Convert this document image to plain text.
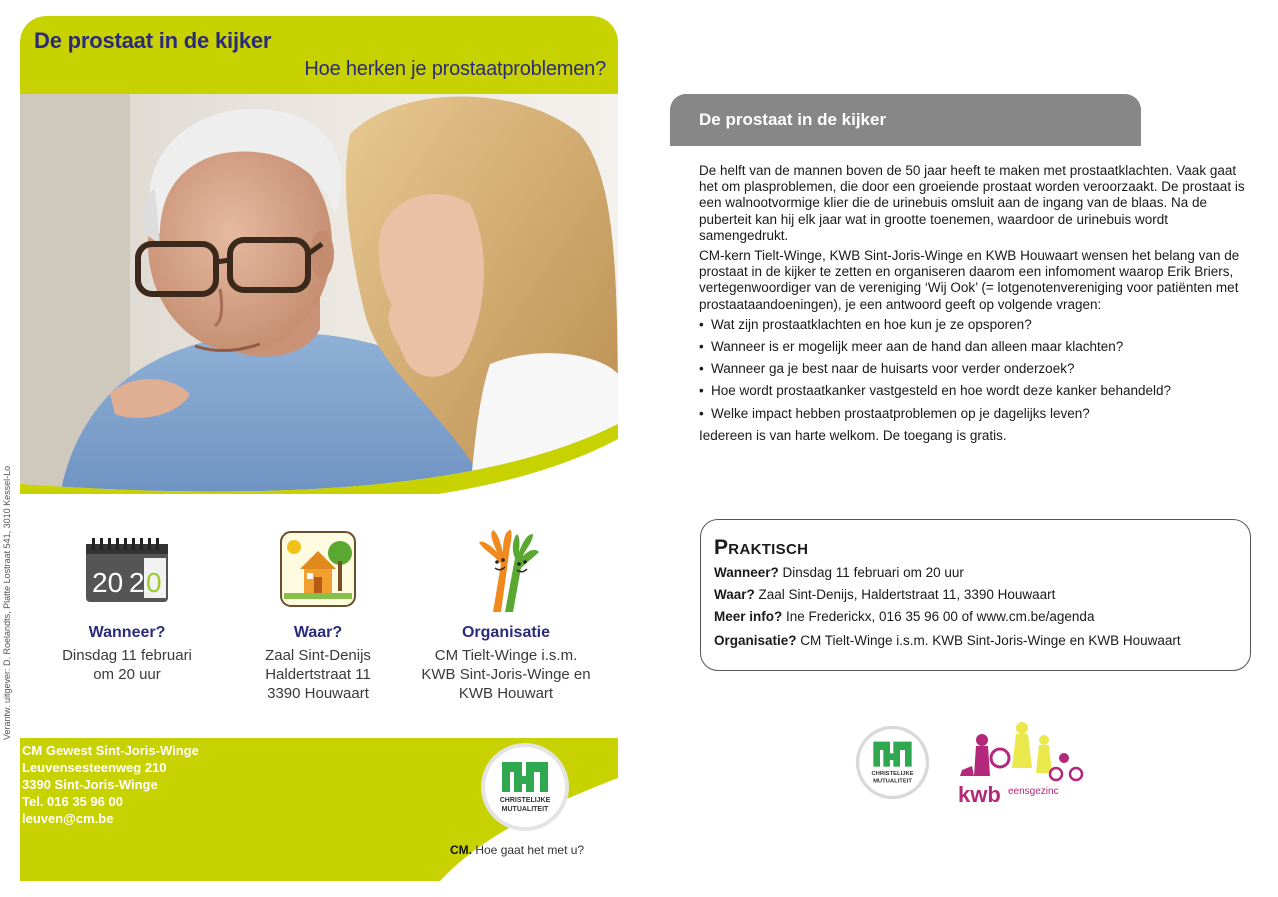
De prostaat in de kijker
Hoe herken je prostaatproblemen?
20 2 0
Wanneer?

Dinsdag 11 februari
om 20 uur

Waar?

Zaal Sint-Denijs
Haldertstraat 11
3390 Houwaart

Organisatie

CM Tielt-Winge i.s.m.
KWB Sint-Joris-Winge en
KWB Houwart

Verantw. uitgever: D. Roelandts, Platte Lostraat 541, 3010 Kessel-Lo
CM Gewest Sint-Joris-Winge
Leuvensesteenweg 210
3390 Sint-Joris-Winge
Tel. 016 35 96 00
leuven@cm.be
CHRISTELIJKE
MUTUALITEIT
CM. Hoe gaat het met u?
De prostaat in de kijker

De helft van de mannen boven de 50 jaar heeft te maken met prostaatklachten. Vaak gaat het om plasproblemen, die door een groeiende prostaat worden veroorzaakt. De prostaat is een walnootvormige klier die de urinebuis omsluit aan de ingang van de blaas. Na de puberteit kan hij elk jaar wat in grootte toenemen, waardoor de urinebuis wordt samengedrukt.

CM-kern Tielt-Winge, KWB Sint-Joris-Winge en KWB Houwaart wensen het belang van de prostaat in de kijker te zetten en organiseren daarom een infomoment waarop Erik Briers, vertegenwoordiger van de vereniging ‘Wij Ook’ (= lotgenotenvereniging voor patiënten met prostaataandoeningen), je een antwoord geeft op volgende vragen:

• Wat zijn prostaatklachten en hoe kun je ze opsporen?
• Wanneer is er mogelijk meer aan de hand dan alleen maar klachten?
• Wanneer ga je best naar de huisarts voor verder onderzoek?
• Hoe wordt prostaatkanker vastgesteld en hoe wordt deze kanker behandeld?
• Welke impact hebben prostaatproblemen op je dagelijks leven?

Iedereen is van harte welkom. De toegang is gratis.

Praktisch
Wanneer? Dinsdag 11 februari om 20 uur
Waar? Zaal Sint-Denijs, Haldertstraat 11, 3390 Houwaart
Meer info? Ine Frederickx, 016 35 96 00 of www.cm.be/agenda
Organisatie? CM Tielt-Winge i.s.m. KWB Sint-Joris-Winge en KWB Houwaart
CHRISTELIJKE
MUTUALITEIT
kwb eensgezinc
